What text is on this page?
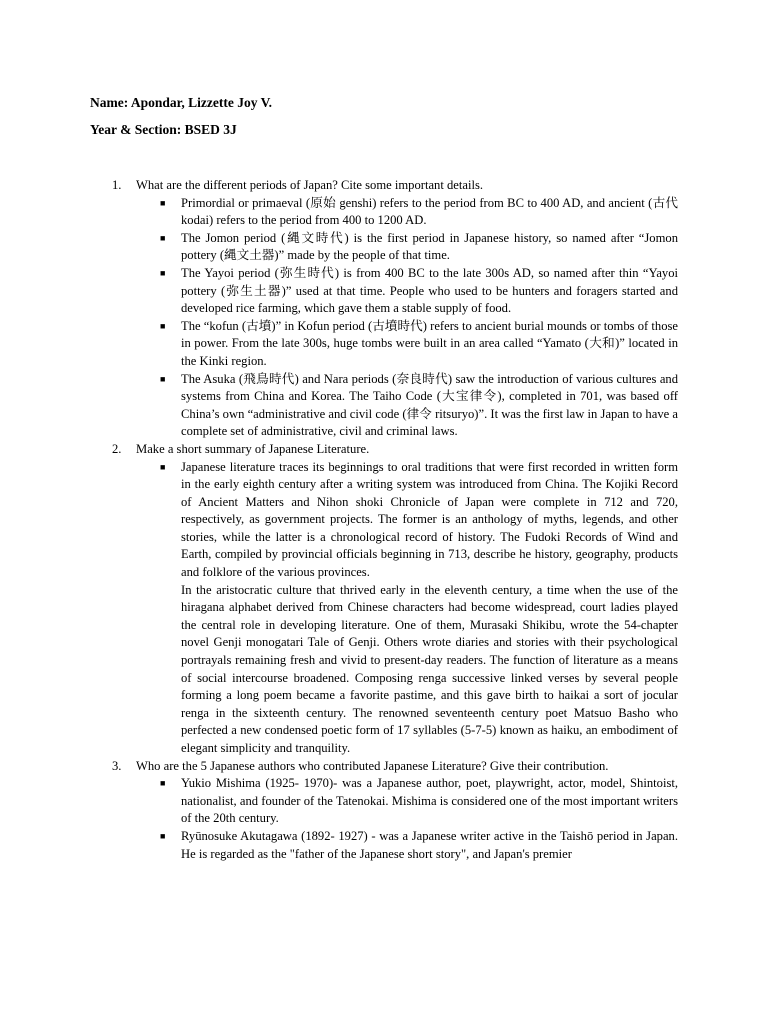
Name: Apondar, Lizzette Joy V.
Year & Section: BSED 3J
1. What are the different periods of Japan? Cite some important details.
■ Primordial or primaeval (原始 genshi) refers to the period from BC to 400 AD, and ancient (古代 kodai) refers to the period from 400 to 1200 AD.
■ The Jomon period (縄文時代) is the first period in Japanese history, so named after “Jomon pottery (縄文土器)” made by the people of that time.
■ The Yayoi period (弥生時代) is from 400 BC to the late 300s AD, so named after thin “Yayoi pottery (弥生土器)” used at that time. People who used to be hunters and foragers started and developed rice farming, which gave them a stable supply of food.
■ The “kofun (古墳)” in Kofun period (古墳時代) refers to ancient burial mounds or tombs of those in power. From the late 300s, huge tombs were built in an area called “Yamato (大和)” located in the Kinki region.
■ The Asuka (飛鳥時代) and Nara periods (奈良時代) saw the introduction of various cultures and systems from China and Korea. The Taiho Code (大宝律令), completed in 701, was based off China’s own “administrative and civil code (律令 ritsuryo)”. It was the first law in Japan to have a complete set of administrative, civil and criminal laws.
2. Make a short summary of Japanese Literature.
■ Japanese literature traces its beginnings to oral traditions that were first recorded in written form in the early eighth century after a writing system was introduced from China. The Kojiki Record of Ancient Matters and Nihon shoki Chronicle of Japan were complete in 712 and 720, respectively, as government projects. The former is an anthology of myths, legends, and other stories, while the latter is a chronological record of history. The Fudoki Records of Wind and Earth, compiled by provincial officials beginning in 713, describe he history, geography, products and folklore of the various provinces.
In the aristocratic culture that thrived early in the eleventh century, a time when the use of the hiragana alphabet derived from Chinese characters had become widespread, court ladies played the central role in developing literature. One of them, Murasaki Shikibu, wrote the 54-chapter novel Genji monogatari Tale of Genji. Others wrote diaries and stories with their psychological portrayals remaining fresh and vivid to present-day readers. The function of literature as a means of social intercourse broadened. Composing renga successive linked verses by several people forming a long poem became a favorite pastime, and this gave birth to haikai a sort of jocular renga in the sixteenth century. The renowned seventeenth century poet Matsuo Basho who perfected a new condensed poetic form of 17 syllables (5-7-5) known as haiku, an embodiment of elegant simplicity and tranquility.
3. Who are the 5 Japanese authors who contributed Japanese Literature? Give their contribution.
■ Yukio Mishima (1925- 1970)- was a Japanese author, poet, playwright, actor, model, Shintoist, nationalist, and founder of the Tatenokai. Mishima is considered one of the most important writers of the 20th century.
■ Ryūnosuke Akutagawa (1892- 1927) - was a Japanese writer active in the Taishō period in Japan. He is regarded as the "father of the Japanese short story", and Japan's premier
